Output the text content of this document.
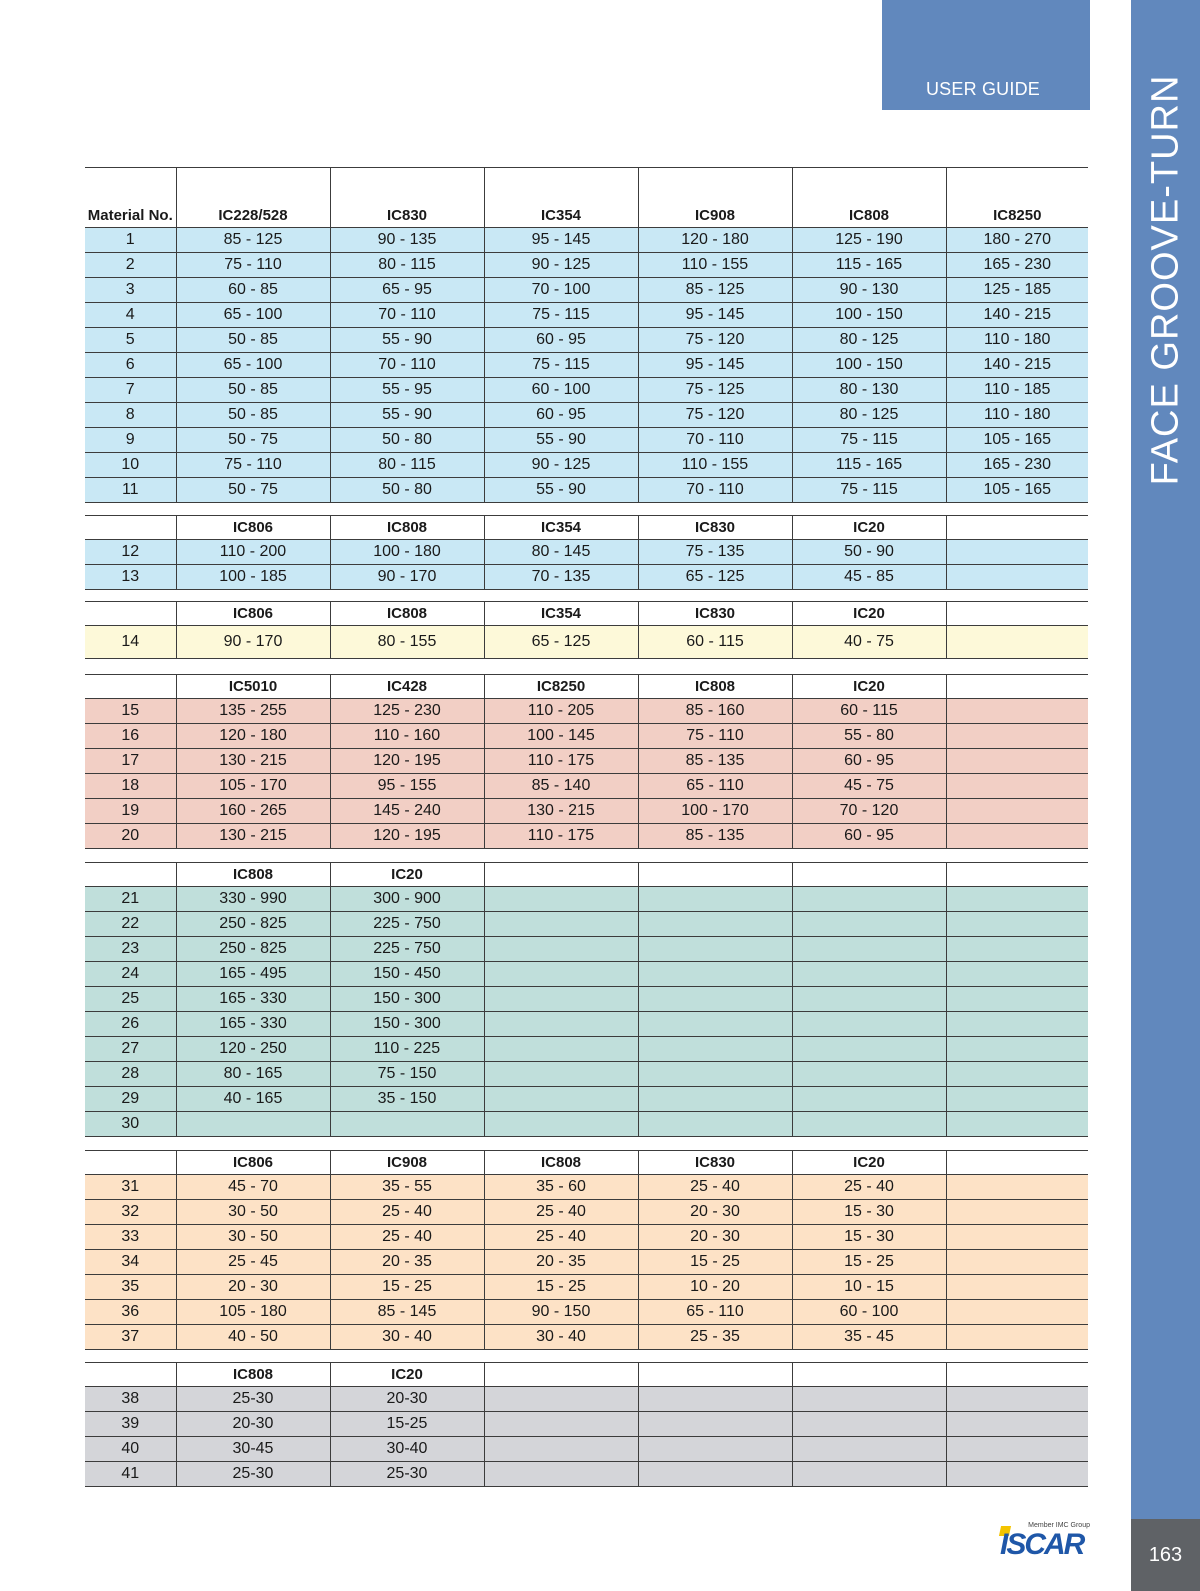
USER GUIDE	FACE GROOVE-TURN
163
Member IMC Group
ISCAR
Material No.	IC228/528	IC830	IC354	IC908	IC808	IC8250
1	85 - 125	90 - 135	95 - 145	120 - 180	125 - 190	180 - 270
2	75 - 110	80 - 115	90 - 125	110 - 155	115 - 165	165 - 230
3	60 - 85	65 - 95	70 - 100	85 - 125	90 - 130	125 - 185
4	65 - 100	70 - 110	75 - 115	95 - 145	100 - 150	140 - 215
5	50 - 85	55 - 90	60 - 95	75 - 120	80 - 125	110 - 180
6	65 - 100	70 - 110	75 - 115	95 - 145	100 - 150	140 - 215
7	50 - 85	55 - 95	60 - 100	75 - 125	80 - 130	110 - 185
8	50 - 85	55 - 90	60 - 95	75 - 120	80 - 125	110 - 180
9	50 - 75	50 - 80	55 - 90	70 - 110	75 - 115	105 - 165
10	75 - 110	80 - 115	90 - 125	110 - 155	115 - 165	165 - 230
11	50 - 75	50 - 80	55 - 90	70 - 110	75 - 115	105 - 165
	IC806	IC808	IC354	IC830	IC20	
12	110 - 200	100 - 180	80 - 145	75 - 135	50 - 90	
13	100 - 185	90 - 170	70 - 135	65 - 125	45 - 85	
	IC806	IC808	IC354	IC830	IC20	
14	90 - 170	80 - 155	65 - 125	60 - 115	40 - 75	
	IC5010	IC428	IC8250	IC808	IC20	
15	135 - 255	125 - 230	110 - 205	85 - 160	60 - 115	
16	120 - 180	110 - 160	100 - 145	75 - 110	55 - 80	
17	130 - 215	120 - 195	110 - 175	85 - 135	60 - 95	
18	105 - 170	95 - 155	85 - 140	65 - 110	45 - 75	
19	160 - 265	145 - 240	130 - 215	100 - 170	70 - 120	
20	130 - 215	120 - 195	110 - 175	85 - 135	60 - 95	
	IC808	IC20				
21	330 - 990	300 - 900				
22	250 - 825	225 - 750				
23	250 - 825	225 - 750				
24	165 - 495	150 - 450				
25	165 - 330	150 - 300				
26	165 - 330	150 - 300				
27	120 - 250	110 - 225				
28	80 - 165	75 - 150				
29	40 - 165	35 - 150				
30						
	IC806	IC908	IC808	IC830	IC20	
31	45 - 70	35 - 55	35 - 60	25 - 40	25 - 40	
32	30 - 50	25 - 40	25 - 40	20 - 30	15 - 30	
33	30 - 50	25 - 40	25 - 40	20 - 30	15 - 30	
34	25 - 45	20 - 35	20 - 35	15 - 25	15 - 25	
35	20 - 30	15 - 25	15 - 25	10 - 20	10 - 15	
36	105 - 180	85 - 145	90 - 150	65 - 110	60 - 100	
37	40 - 50	30 - 40	30 - 40	25 - 35	35 - 45	
	IC808	IC20				
38	25-30	20-30				
39	20-30	15-25				
40	30-45	30-40				
41	25-30	25-30				
